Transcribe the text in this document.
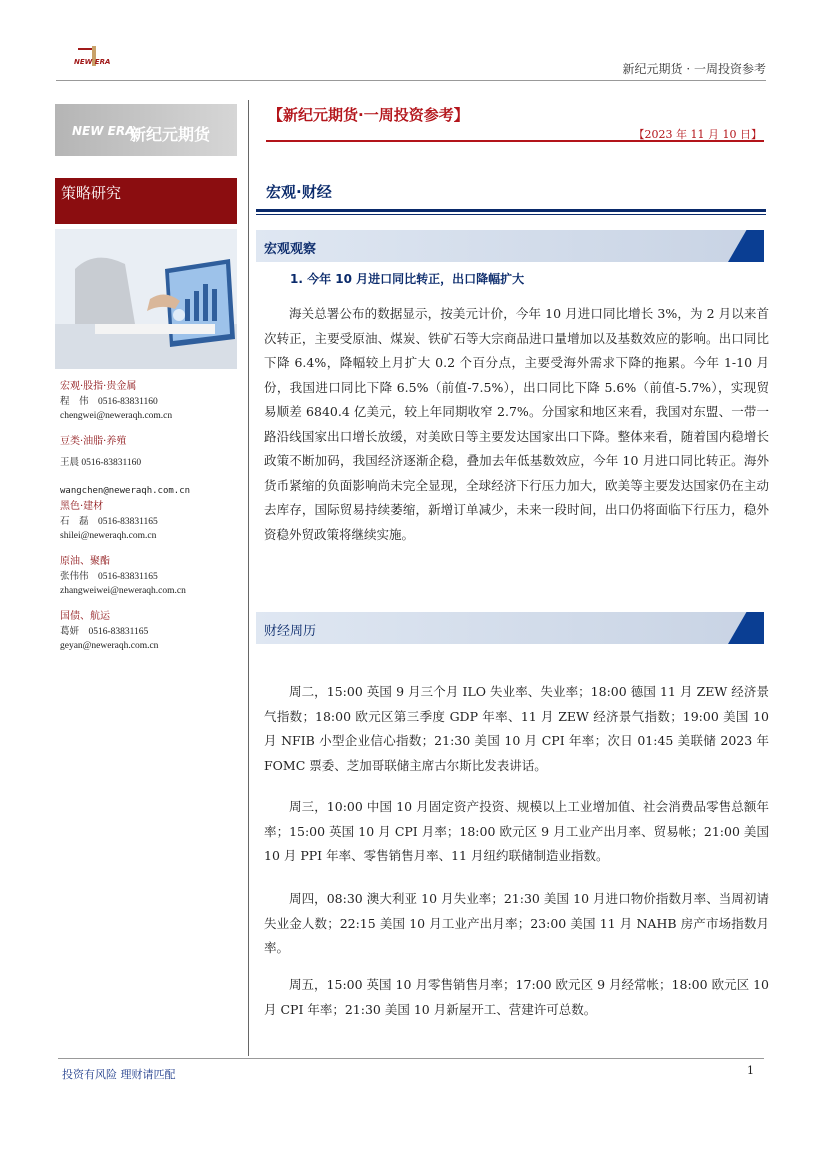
NEW ERA	新纪元期货 · 一周投资参考
NEW ERA
新纪元期货
策略研究

宏观·股指·贵金属

程　伟　0516-83831160

chengwei@neweraqh.com.cn

豆类·油脂·养殖

王晨 0516-83831160

wangchen@neweraqh.com.cn

黑色·建材

石　磊　0516-83831165

shilei@neweraqh.com.cn

原油、聚酯

张伟伟　0516-83831165

zhangweiwei@neweraqh.com.cn

国债、航运

葛妍　0516-83831165

geyan@neweraqh.com.cn

【新纪元期货·一周投资参考】
【2023 年 11 月 10 日】
宏观·财经
宏观观察
1. 今年 10 月进口同比转正，出口降幅扩大

海关总署公布的数据显示，按美元计价，今年 10 月进口同比增长 3%，为 2 月以来首次转正，主要受原油、煤炭、铁矿石等大宗商品进口量增加以及基数效应的影响。出口同比下降 6.4%，降幅较上月扩大 0.2 个百分点，主要受海外需求下降的拖累。今年 1-10 月份，我国进口同比下降 6.5%（前值-7.5%），出口同比下降 5.6%（前值-5.7%），实现贸易顺差 6840.4 亿美元，较上年同期收窄 2.7%。分国家和地区来看，我国对东盟、一带一路沿线国家出口增长放缓，对美欧日等主要发达国家出口下降。整体来看，随着国内稳增长政策不断加码，我国经济逐渐企稳，叠加去年低基数效应，今年 10 月进口同比转正。海外货币紧缩的负面影响尚未完全显现，全球经济下行压力加大，欧美等主要发达国家仍在主动去库存，国际贸易持续萎缩，新增订单减少，未来一段时间，出口仍将面临下行压力，稳外资稳外贸政策将继续实施。

财经周历

周二，15:00 英国 9 月三个月 ILO 失业率、失业率；18:00 德国 11 月 ZEW 经济景气指数；18:00 欧元区第三季度 GDP 年率、11 月 ZEW 经济景气指数；19:00 美国 10 月 NFIB 小型企业信心指数；21:30 美国 10 月 CPI 年率；次日 01:45 美联储 2023 年 FOMC 票委、芝加哥联储主席古尔斯比发表讲话。

周三，10:00 中国 10 月固定资产投资、规模以上工业增加值、社会消费品零售总额年率；15:00 英国 10 月 CPI 月率；18:00 欧元区 9 月工业产出月率、贸易帐；21:00 美国 10 月 PPI 年率、零售销售月率、11 月纽约联储制造业指数。

周四，08:30 澳大利亚 10 月失业率；21:30 美国 10 月进口物价指数月率、当周初请失业金人数；22:15 美国 10 月工业产出月率；23:00 美国 11 月 NAHB 房产市场指数月率。

周五，15:00 英国 10 月零售销售月率；17:00 欧元区 9 月经常帐；18:00 欧元区 10 月 CPI 年率；21:30 美国 10 月新屋开工、营建许可总数。

投资有风险 理财请匹配	1
